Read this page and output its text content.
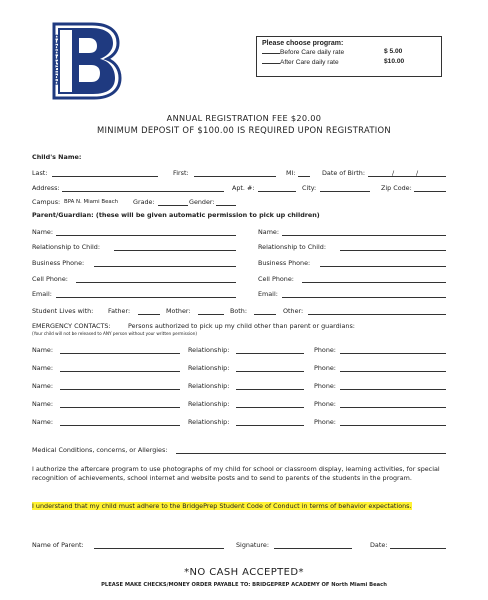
BRIDGEPREP	Please choose program:
Before Care daily rate	$ 5.00
After Care daily rate	$10.00
ANNUAL REGISTRATION FEE $20.00
MINIMUM DEPOSIT OF $100.00 IS REQUIRED UPON REGISTRATION
Child's Name:
Last:	First:	MI:	Date of Birth:	/	/
Address:	Apt. #:	City:	Zip Code:
Campus: BPA N. Miami Beach Grade:	Gender:
Parent/Guardian: (these will be given automatic permission to pick up children)
Name:	Name:
Relationship to Child:	Relationship to Child:
Business Phone:	Business Phone:
Cell Phone:	Cell Phone:
Email:	Email:
Student Lives with: Father:	Mother:	Both:	Other:
EMERGENCY CONTACTS:	Persons authorized to pick up my child other than parent or guardians:
(Your child will not be released to ANY person without your written permission)
Name:	Relationship:	Phone:
Name:	Relationship:	Phone:
Name:	Relationship:	Phone:
Name:	Relationship:	Phone:
Name:	Relationship:	Phone:
Medical Conditions, concerns, or Allergies:
I authorize the aftercare program to use photographs of my child for school or classroom display, learning activities, for special recognition of achievements, school internet and website posts and to send to parents of the students in the program.
I understand that my child must adhere to the BridgePrep Student Code of Conduct in terms of behavior expectations.
Name of Parent:	Signature:	Date:
*NO CASH ACCEPTED*
PLEASE MAKE CHECKS/MONEY ORDER PAYABLE TO: BRIDGEPREP ACADEMY OF North Miami Beach
